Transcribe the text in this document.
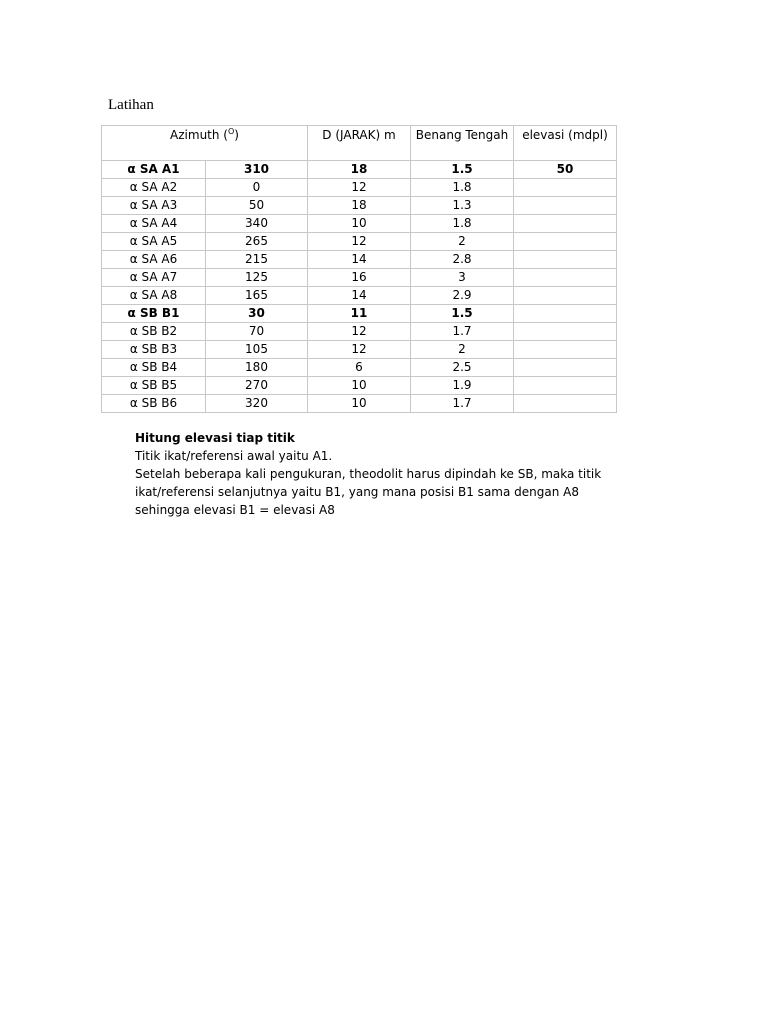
Latihan
Azimuth ($^O$)		D (JARAK) m	Benang Tengah	elevasi (mdpl)
α SA A1	310	18	1.5	50
α SA A2	0	12	1.8	
α SA A3	50	18	1.3	
α SA A4	340	10	1.8	
α SA A5	265	12	2	
α SA A6	215	14	2.8	
α SA A7	125	16	3	
α SA A8	165	14	2.9	
α SB B1	30	11	1.5	
α SB B2	70	12	1.7	
α SB B3	105	12	2	
α SB B4	180	6	2.5	
α SB B5	270	10	1.9	
α SB B6	320	10	1.7	

Hitung elevasi tiap titik

Titik ikat/referensi awal yaitu A1.

Setelah beberapa kali pengukuran, theodolit harus dipindah ke SB, maka titik ikat/referensi selanjutnya yaitu B1, yang mana posisi B1 sama dengan A8 sehingga elevasi B1 = elevasi A8
